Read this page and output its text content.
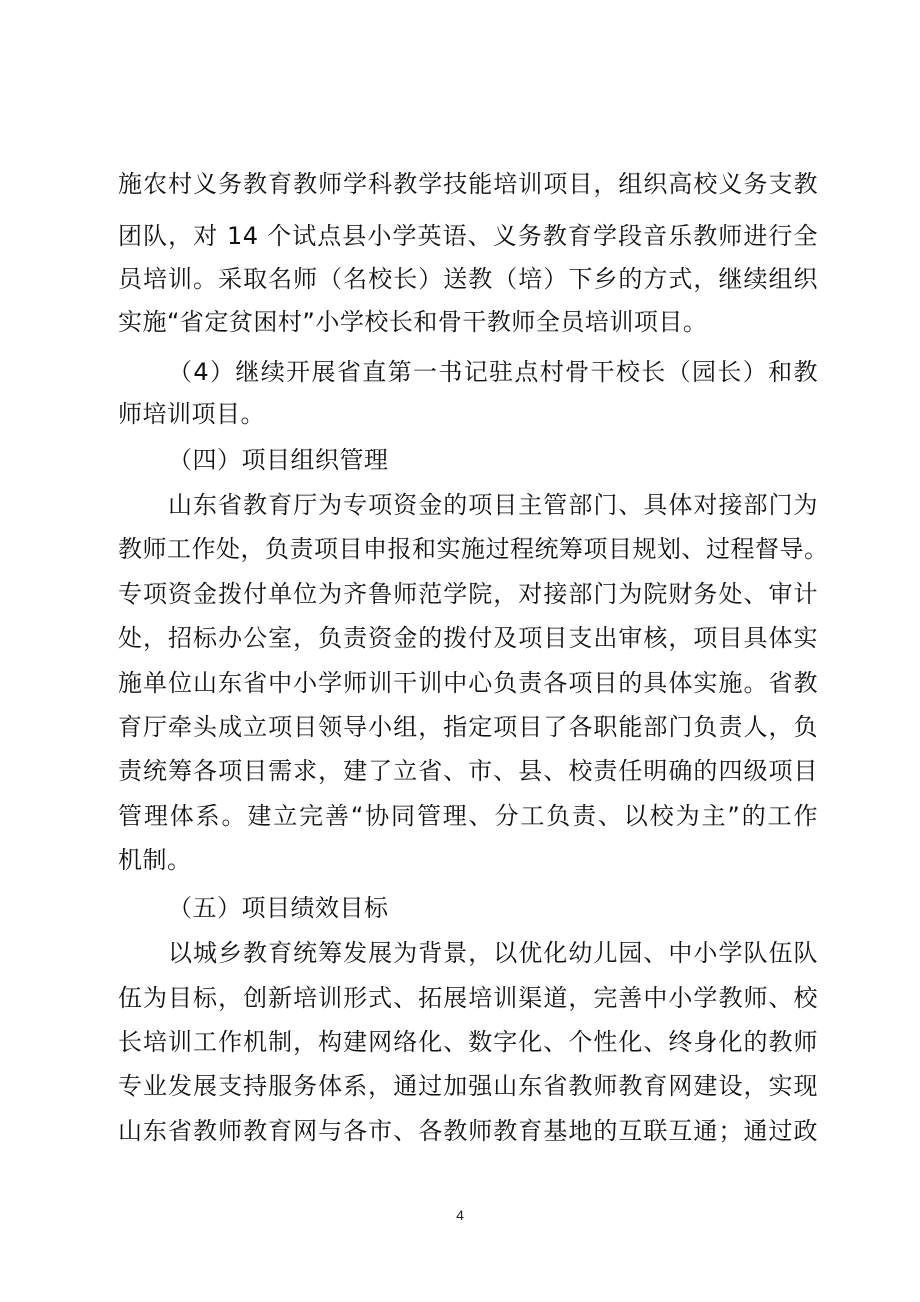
施农村义务教育教师学科教学技能培训项目，组织高校义务支教
团队，对 14 个试点县小学英语、义务教育学段音乐教师进行全
员培训。采取名师（名校长）送教（培）下乡的方式，继续组织
实施“省定贫困村”小学校长和骨干教师全员培训项目。
（4）继续开展省直第一书记驻点村骨干校长（园长）和教
师培训项目。
（四）项目组织管理
山东省教育厅为专项资金的项目主管部门、具体对接部门为
教师工作处，负责项目申报和实施过程统筹项目规划、过程督导。
专项资金拨付单位为齐鲁师范学院，对接部门为院财务处、审计
处，招标办公室，负责资金的拨付及项目支出审核，项目具体实
施单位山东省中小学师训干训中心负责各项目的具体实施。省教
育厅牵头成立项目领导小组，指定项目了各职能部门负责人，负
责统筹各项目需求，建了立省、市、县、校责任明确的四级项目
管理体系。建立完善“协同管理、分工负责、以校为主”的工作
机制。
（五）项目绩效目标
以城乡教育统筹发展为背景，以优化幼儿园、中小学队伍队
伍为目标，创新培训形式、拓展培训渠道，完善中小学教师、校
长培训工作机制，构建网络化、数字化、个性化、终身化的教师
专业发展支持服务体系，通过加强山东省教师教育网建设，实现
山东省教师教育网与各市、各教师教育基地的互联互通；通过政
4
